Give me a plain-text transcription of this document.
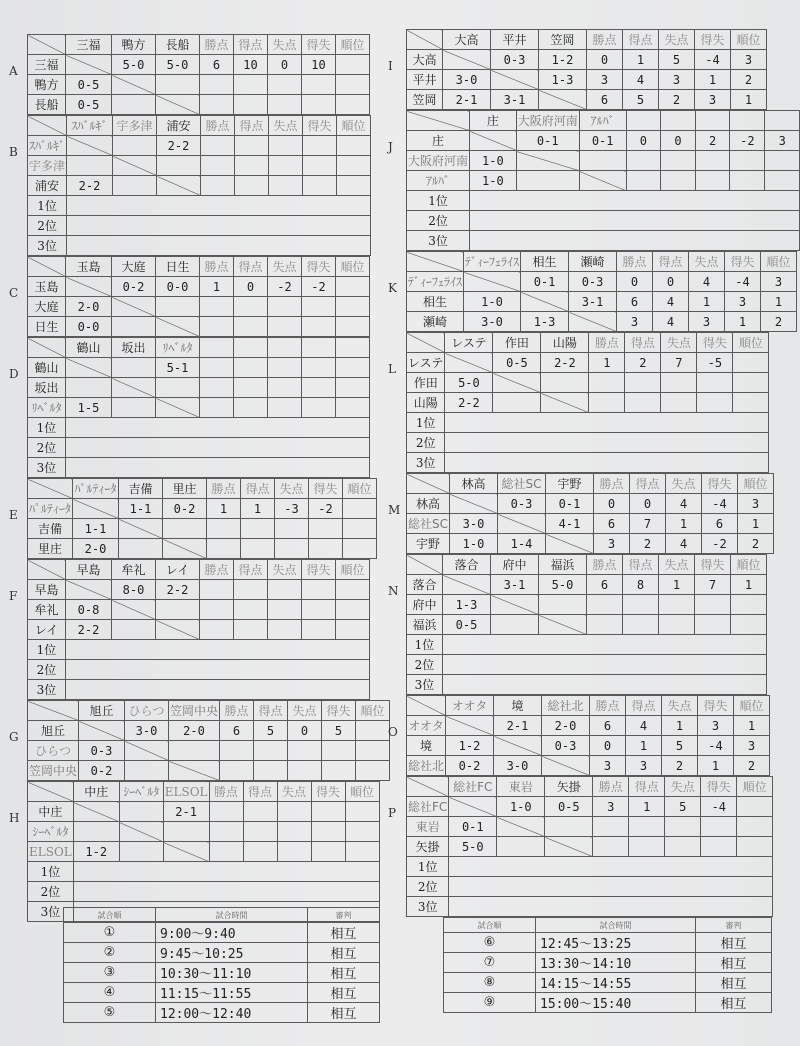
A
	三福	鴨方	長船	勝点	得点	失点	得失	順位
三福		5-0	5-0	6	10	0	10	
鴨方	0-5							
長船	0-5							
B
	ｽﾊﾞﾙｷﾞ	宇多津	浦安	勝点	得点	失点	得失	順位
ｽﾊﾞﾙｷﾞ			2-2					
宇多津								
浦安	2-2							
1位								
2位								
3位								
C
	玉島	大庭	日生	勝点	得点	失点	得失	順位
玉島		0-2	0-0	1	0	-2	-2	
大庭	2-0							
日生	0-0							
D
	鶴山	坂出	ﾘﾍﾞﾙﾀ					
鶴山			5-1					
坂出								
ﾘﾍﾞﾙﾀ	1-5							
1位								
2位								
3位								
E
	ﾊﾟﾙﾃｨｰﾀ	吉備	里庄	勝点	得点	失点	得失	順位
ﾊﾟﾙﾃｨｰﾀ		1-1	0-2	1	1	-3	-2	
吉備	1-1							
里庄	2-0							
F
	早島	牟礼	レイ	勝点	得点	失点	得失	順位
早島		8-0	2-2					
牟礼	0-8							
レイ	2-2							
1位								
2位								
3位								
G
	旭丘	ひらつ	笠岡中央	勝点	得点	失点	得失	順位
旭丘		3-0	2-0	6	5	0	5	
ひらつ	0-3							
笠岡中央	0-2							
H
	中庄	ｼｰﾍﾞﾙﾀ	ELSOL	勝点	得点	失点	得失	順位
中庄			2-1					
ｼｰﾍﾞﾙﾀ								
ELSOL	1-2							
1位								
2位								
3位								
I
	大高	平井	笠岡	勝点	得点	失点	得失	順位
大高		0-3	1-2	0	1	5	-4	3
平井	3-0		1-3	3	4	3	1	2
笠岡	2-1	3-1		6	5	2	3	1
J
	庄	大阪府河南	ｱﾙﾊﾞ					
庄		0-1	0-1	0	0	2	-2	3
大阪府河南	1-0							
ｱﾙﾊﾞ	1-0							
1位								
2位								
3位								
K
	ﾃﾞｨｰﾌｪﾗｲｽ	相生	瀬崎	勝点	得点	失点	得失	順位
ﾃﾞｨｰﾌｪﾗｲｽ		0-1	0-3	0	0	4	-4	3
相生	1-0		3-1	6	4	1	3	1
瀬崎	3-0	1-3		3	4	3	1	2
L
	レステ	作田	山陽	勝点	得点	失点	得失	順位
レステ		0-5	2-2	1	2	7	-5	
作田	5-0							
山陽	2-2							
1位								
2位								
3位								
M
	林高	総社SC	宇野	勝点	得点	失点	得失	順位
林高		0-3	0-1	0	0	4	-4	3
総社SC	3-0		4-1	6	7	1	6	1
宇野	1-0	1-4		3	2	4	-2	2
N
	落合	府中	福浜	勝点	得点	失点	得失	順位
落合		3-1	5-0	6	8	1	7	1
府中	1-3							
福浜	0-5							
1位								
2位								
3位								
O
	オオタ	境	総社北	勝点	得点	失点	得失	順位
オオタ		2-1	2-0	6	4	1	3	1
境	1-2		0-3	0	1	5	-4	3
総社北	0-2	3-0		3	3	2	1	2
P
	総社FC	東岩	矢掛	勝点	得点	失点	得失	順位
総社FC		1-0	0-5	3	1	5	-4	
東岩	0-1							
矢掛	5-0							
1位								
2位								
3位								
試合順	試合時間	審判
①	9:00～9:40	相互
②	9:45～10:25	相互
③	10:30～11:10	相互
④	11:15～11:55	相互
⑤	12:00～12:40	相互
試合順	試合時間	審判
⑥	12:45～13:25	相互
⑦	13:30～14:10	相互
⑧	14:15～14:55	相互
⑨	15:00～15:40	相互
